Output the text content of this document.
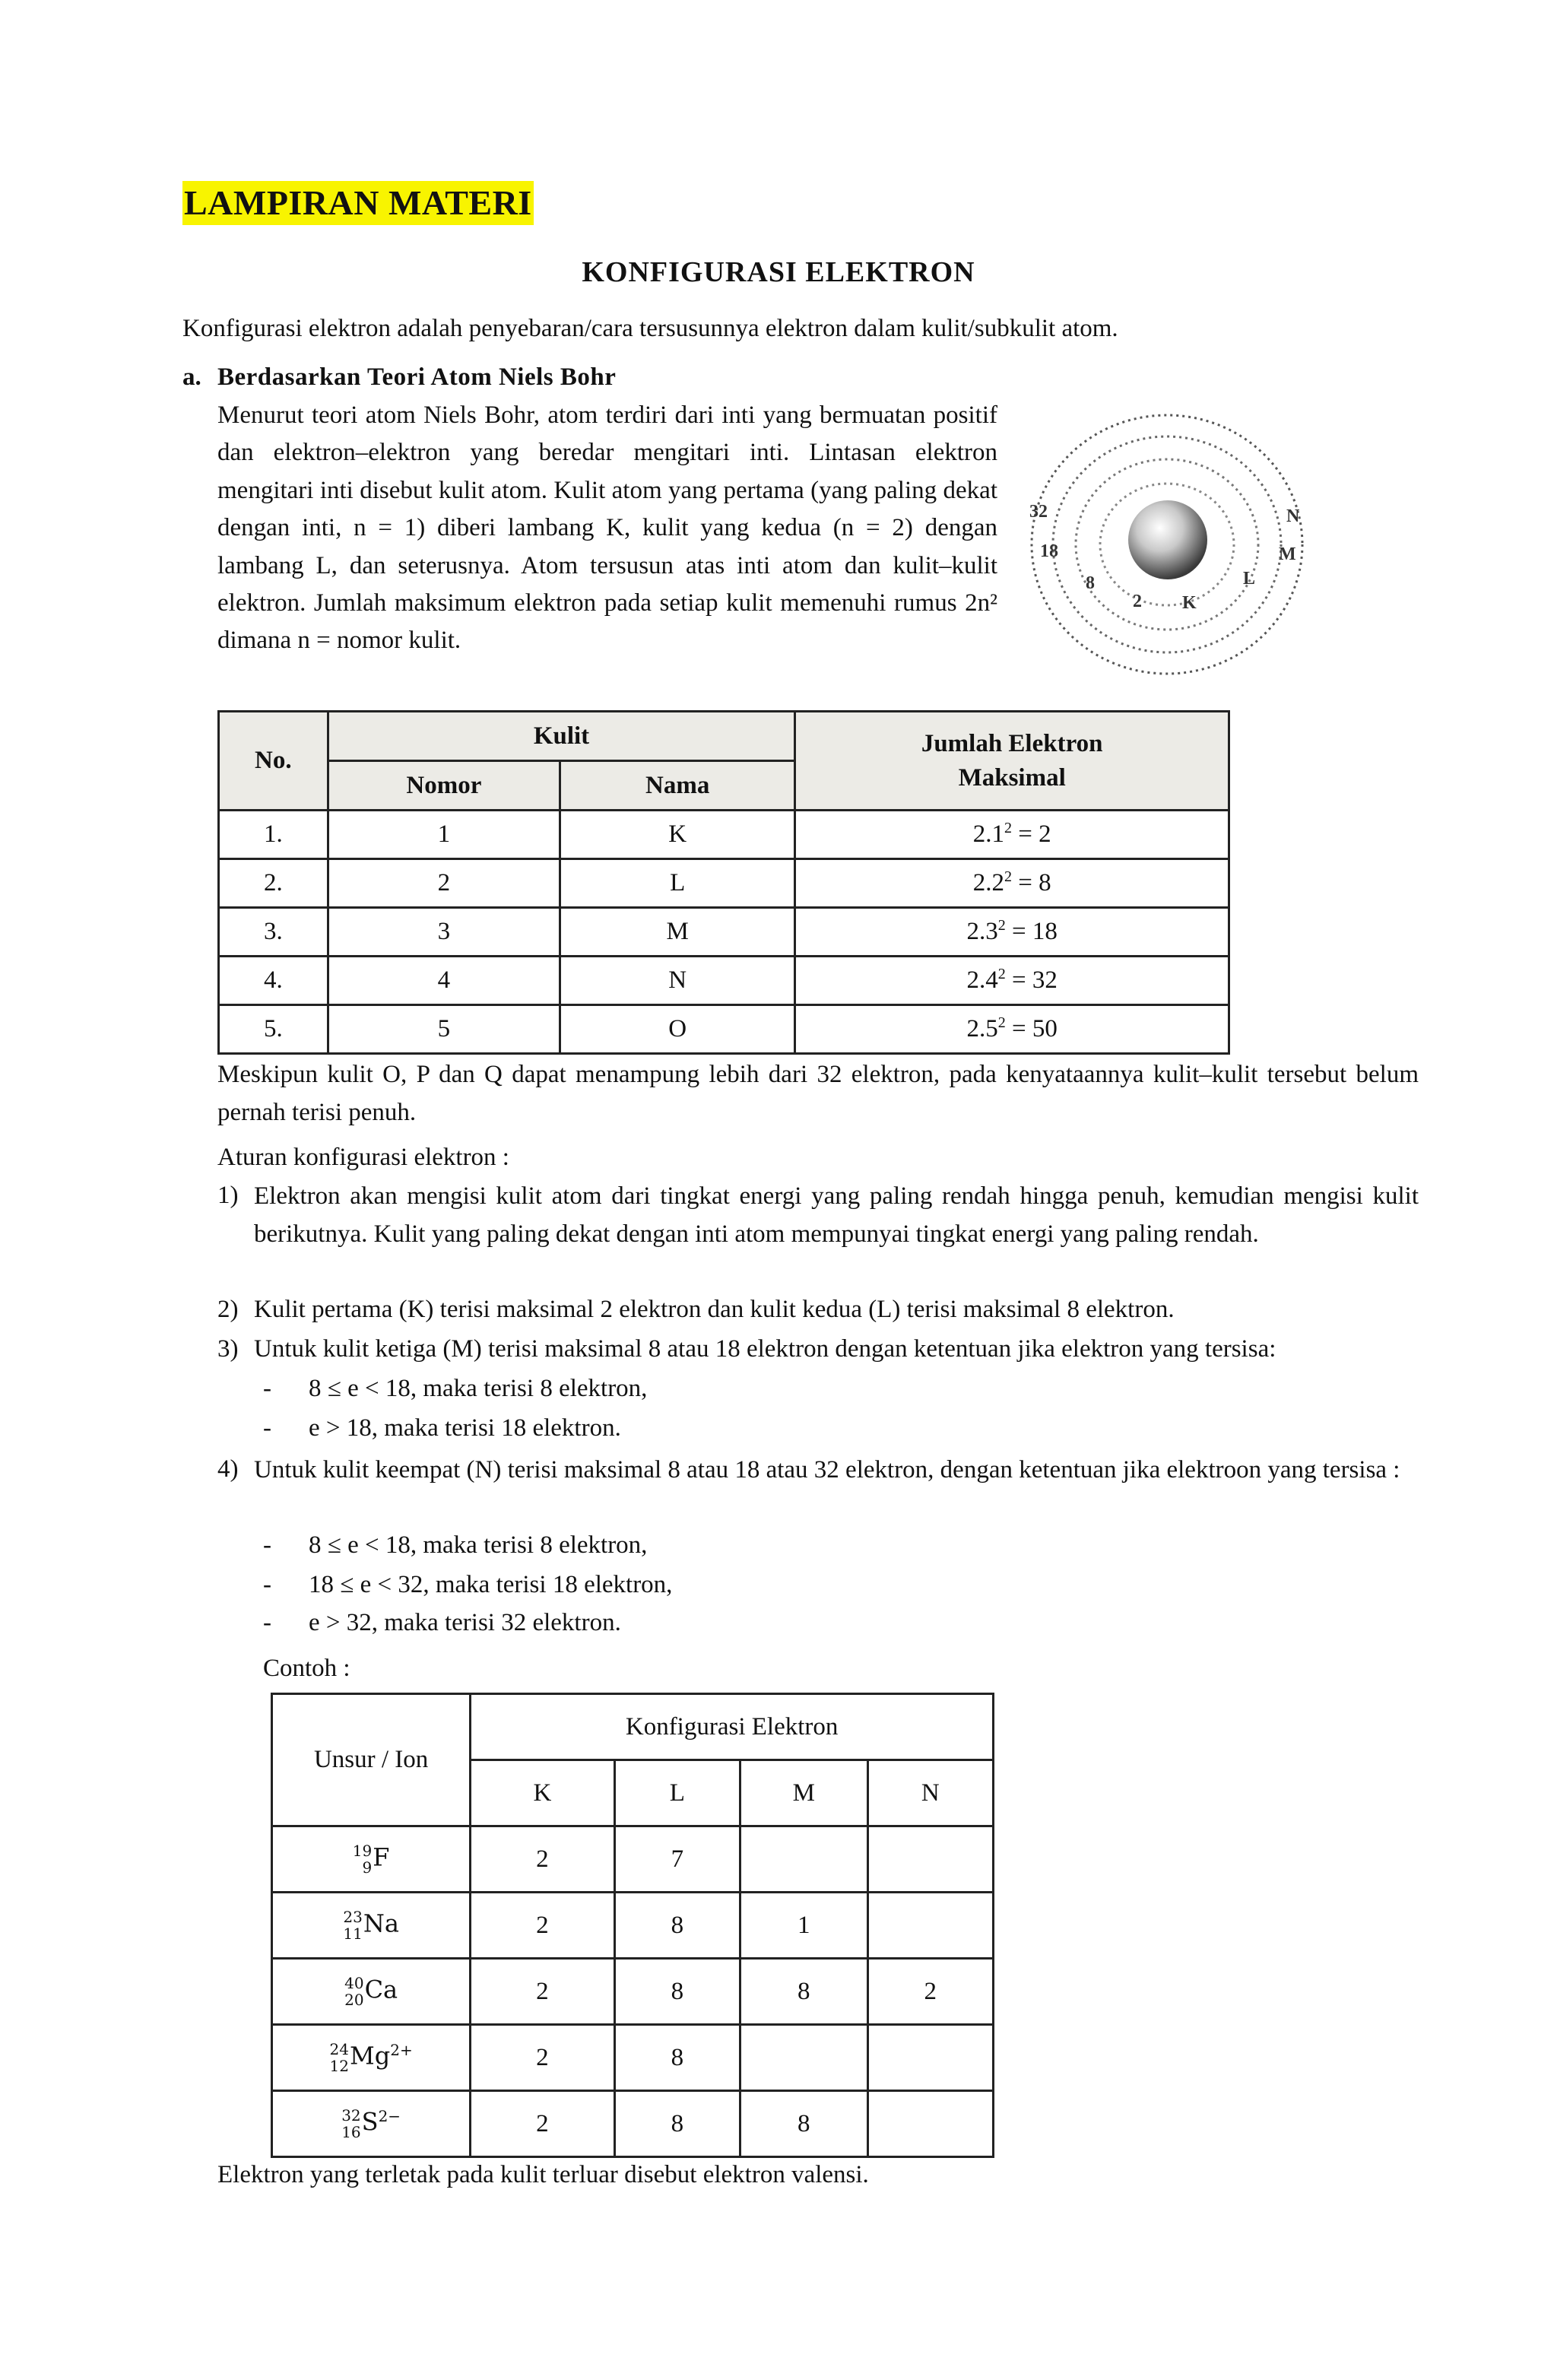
LAMPIRAN MATERI
KONFIGURASI ELEKTRON
Konfigurasi elektron adalah penyebaran/cara tersusunnya elektron dalam kulit/subkulit atom.
a. Berdasarkan Teori Atom Niels Bohr
Menurut teori atom Niels Bohr, atom terdiri dari inti yang bermuatan positif dan elektron–elektron yang beredar mengitari inti. Lintasan elektron mengitari inti disebut kulit atom. Kulit atom yang pertama (yang paling dekat dengan inti, n = 1) diberi lambang K, kulit yang kedua (n = 2) dengan lambang L, dan seterusnya. Atom tersusun atas inti atom dan kulit–kulit elektron. Jumlah maksimum elektron pada setiap kulit memenuhi rumus 2n² dimana n = nomor kulit.
32	N
M
18
8
2 K
L
No.	Kulit		Jumlah Elektron
Maksimal

	Nomor	Nama	
1.	1	K	$2.1^2 = 2$
2.	2	L	$2.2^2 = 8$
3.	3	M	$2.3^2 = 18$
4.	4	N	$2.4^2 = 32$
5.	5	O	$2.5^2 = 50$
Meskipun kulit O, P dan Q dapat menampung lebih dari 32 elektron, pada kenyataannya kulit–kulit tersebut belum pernah terisi penuh.
Aturan konfigurasi elektron :
1) Elektron akan mengisi kulit atom dari tingkat energi yang paling rendah hingga penuh, kemudian mengisi kulit berikutnya. Kulit yang paling dekat dengan inti atom mempunyai tingkat energi yang paling rendah.
2) Kulit pertama (K) terisi maksimal 2 elektron dan kulit kedua (L) terisi maksimal 8 elektron.
3) Untuk kulit ketiga (M) terisi maksimal 8 atau 18 elektron dengan ketentuan jika elektron yang tersisa:
- 8 ≤ e < 18, maka terisi 8 elektron,
- e > 18, maka terisi 18 elektron.
4) Untuk kulit keempat (N) terisi maksimal 8 atau 18 atau 32 elektron, dengan ketentuan jika elektroon yang tersisa :
- 8 ≤ e < 18, maka terisi 8 elektron,
- 18 ≤ e < 32, maka terisi 18 elektron,
- e > 32, maka terisi 32 elektron.
Contoh :
Unsur / Ion	Konfigurasi Elektron			
	K	L	M	N

19
9 F	2	7		

23
11 Na	2	8	1	

40
20 Ca	2	8	8	2

24
12 $Mg^{2+}$	2	8		

32
16 $S^{2-}$	2	8	8	
Elektron yang terletak pada kulit terluar disebut elektron valensi.
